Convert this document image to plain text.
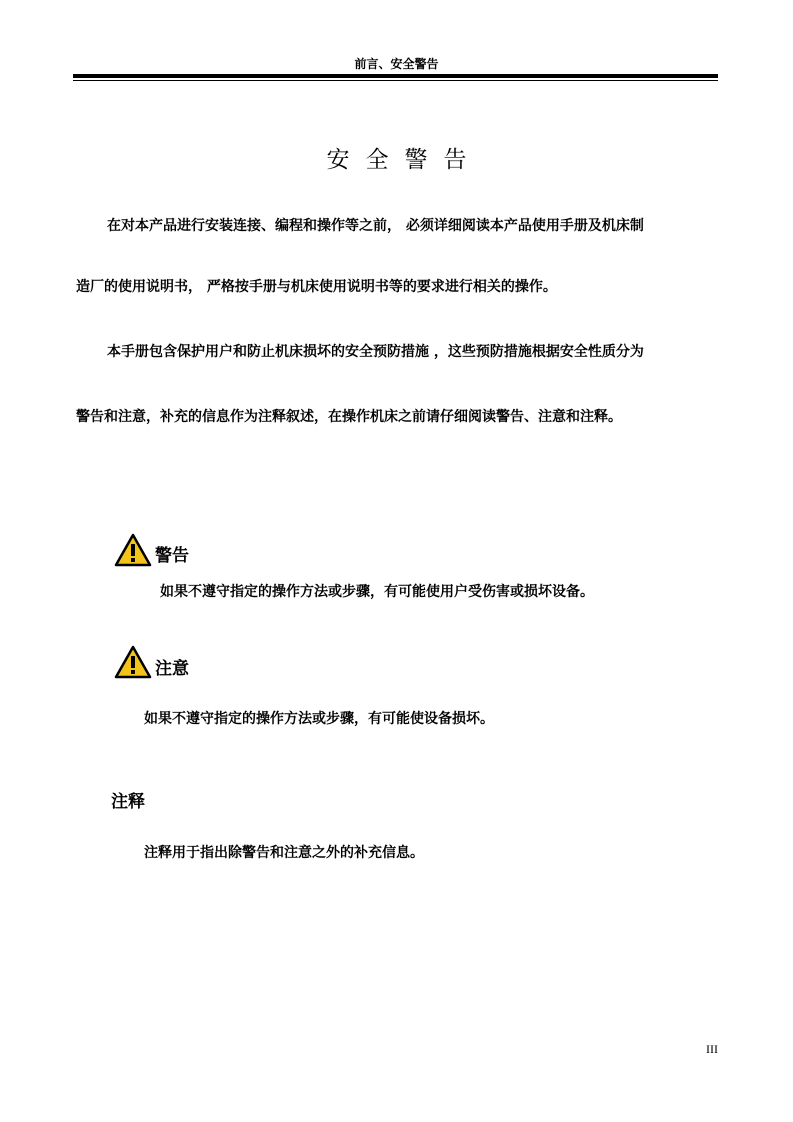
前言、安全警告
安全警告
在对本产品进行安装连接、编程和操作等之前， 必须详细阅读本产品使用手册及机床制
造厂的使用说明书， 严格按手册与机床使用说明书等的要求进行相关的操作。
本手册包含保护用户和防止机床损坏的安全预防措施 ，这些预防措施根据安全性质分为
警告和注意，补充的信息作为注释叙述，在操作机床之前请仔细阅读警告、注意和注释。
警告
如果不遵守指定的操作方法或步骤，有可能使用户受伤害或损坏设备。
注意
如果不遵守指定的操作方法或步骤，有可能使设备损坏。
注释
注释用于指出除警告和注意之外的补充信息。
III
